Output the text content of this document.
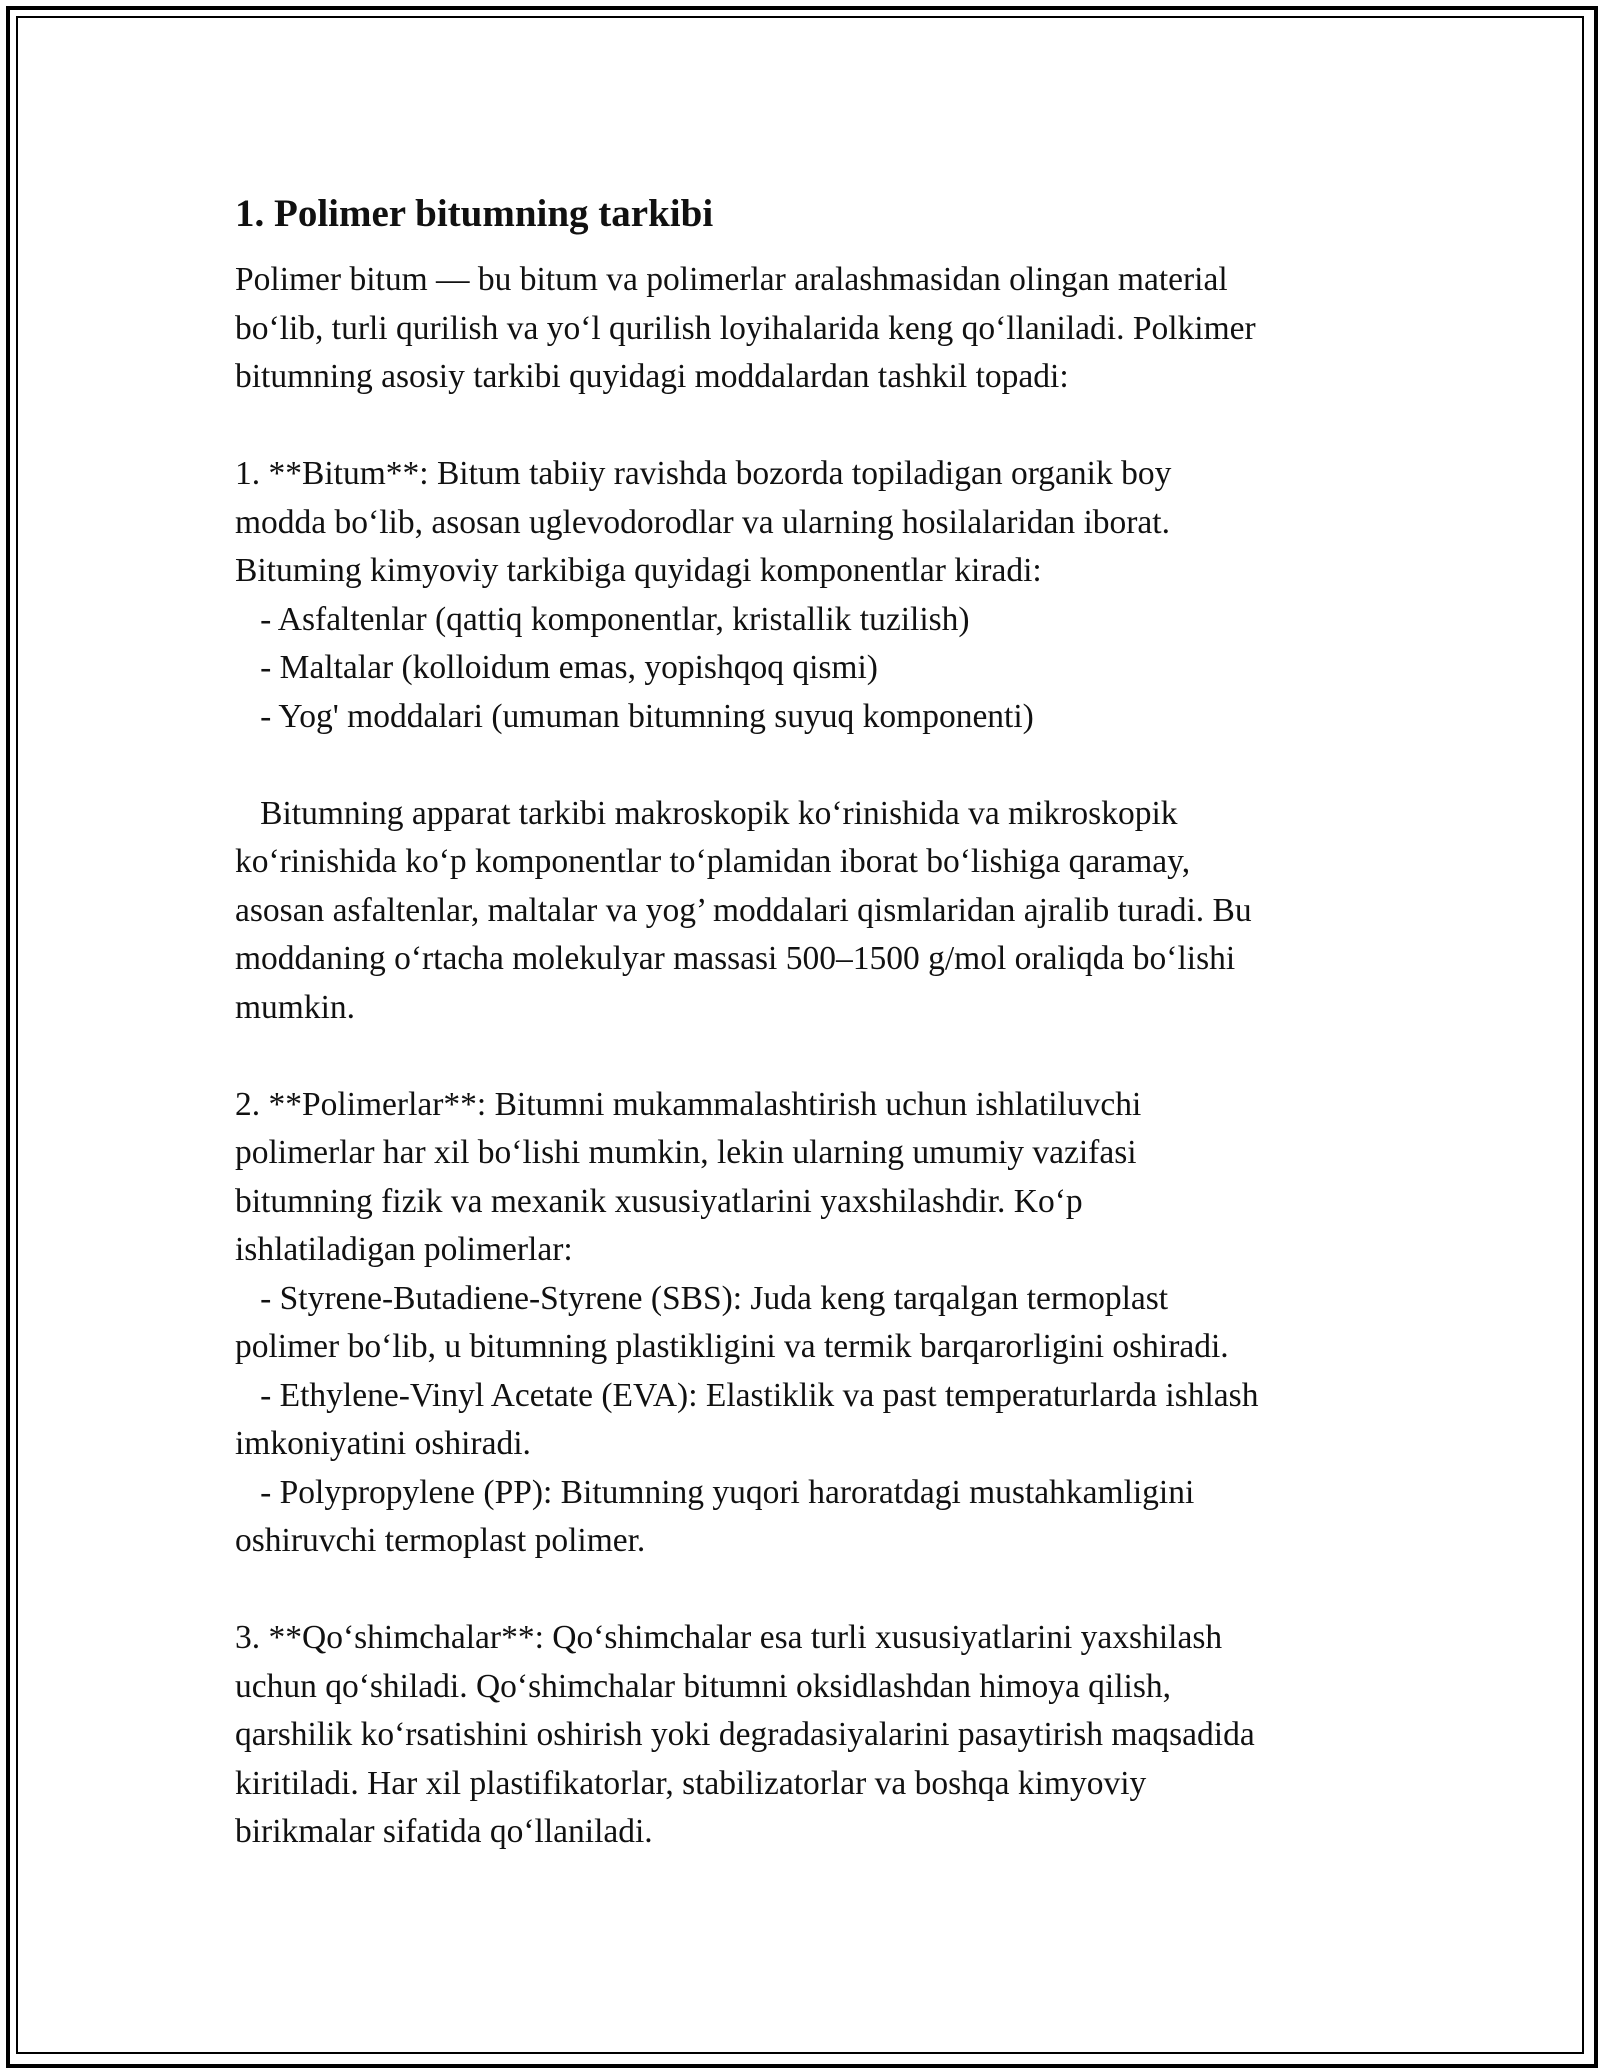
1. Polimer bitumning tarkibi

Polimer bitum — bu bitum va polimerlar aralashmasidan olingan material
bo‘lib, turli qurilish va yo‘l qurilish loyihalarida keng qo‘llaniladi. Polkimer
bitumning asosiy tarkibi quyidagi moddalardan tashkil topadi:

1. **Bitum**: Bitum tabiiy ravishda bozorda topiladigan organik boy
modda bo‘lib, asosan uglevodorodlar va ularning hosilalaridan iborat.
Bituming kimyoviy tarkibiga quyidagi komponentlar kiradi:
- Asfaltenlar (qattiq komponentlar, kristallik tuzilish)
- Maltalar (kolloidum emas, yopishqoq qismi)
- Yog' moddalari (umuman bitumning suyuq komponenti)

Bitumning apparat tarkibi makroskopik ko‘rinishida va mikroskopik
ko‘rinishida ko‘p komponentlar to‘plamidan iborat bo‘lishiga qaramay,
asosan asfaltenlar, maltalar va yog’ moddalari qismlaridan ajralib turadi. Bu
moddaning o‘rtacha molekulyar massasi 500–1500 g/mol oraliqda bo‘lishi
mumkin.

2. **Polimerlar**: Bitumni mukammalashtirish uchun ishlatiluvchi
polimerlar har xil bo‘lishi mumkin, lekin ularning umumiy vazifasi
bitumning fizik va mexanik xususiyatlarini yaxshilashdir. Ko‘p
ishlatiladigan polimerlar:
- Styrene-Butadiene-Styrene (SBS): Juda keng tarqalgan termoplast
polimer bo‘lib, u bitumning plastikligini va termik barqarorligini oshiradi.
- Ethylene-Vinyl Acetate (EVA): Elastiklik va past temperaturlarda ishlash
imkoniyatini oshiradi.
- Polypropylene (PP): Bitumning yuqori haroratdagi mustahkamligini
oshiruvchi termoplast polimer.

3. **Qo‘shimchalar**: Qo‘shimchalar esa turli xususiyatlarini yaxshilash
uchun qo‘shiladi. Qo‘shimchalar bitumni oksidlashdan himoya qilish,
qarshilik ko‘rsatishini oshirish yoki degradasiyalarini pasaytirish maqsadida
kiritiladi. Har xil plastifikatorlar, stabilizatorlar va boshqa kimyoviy
birikmalar sifatida qo‘llaniladi.
